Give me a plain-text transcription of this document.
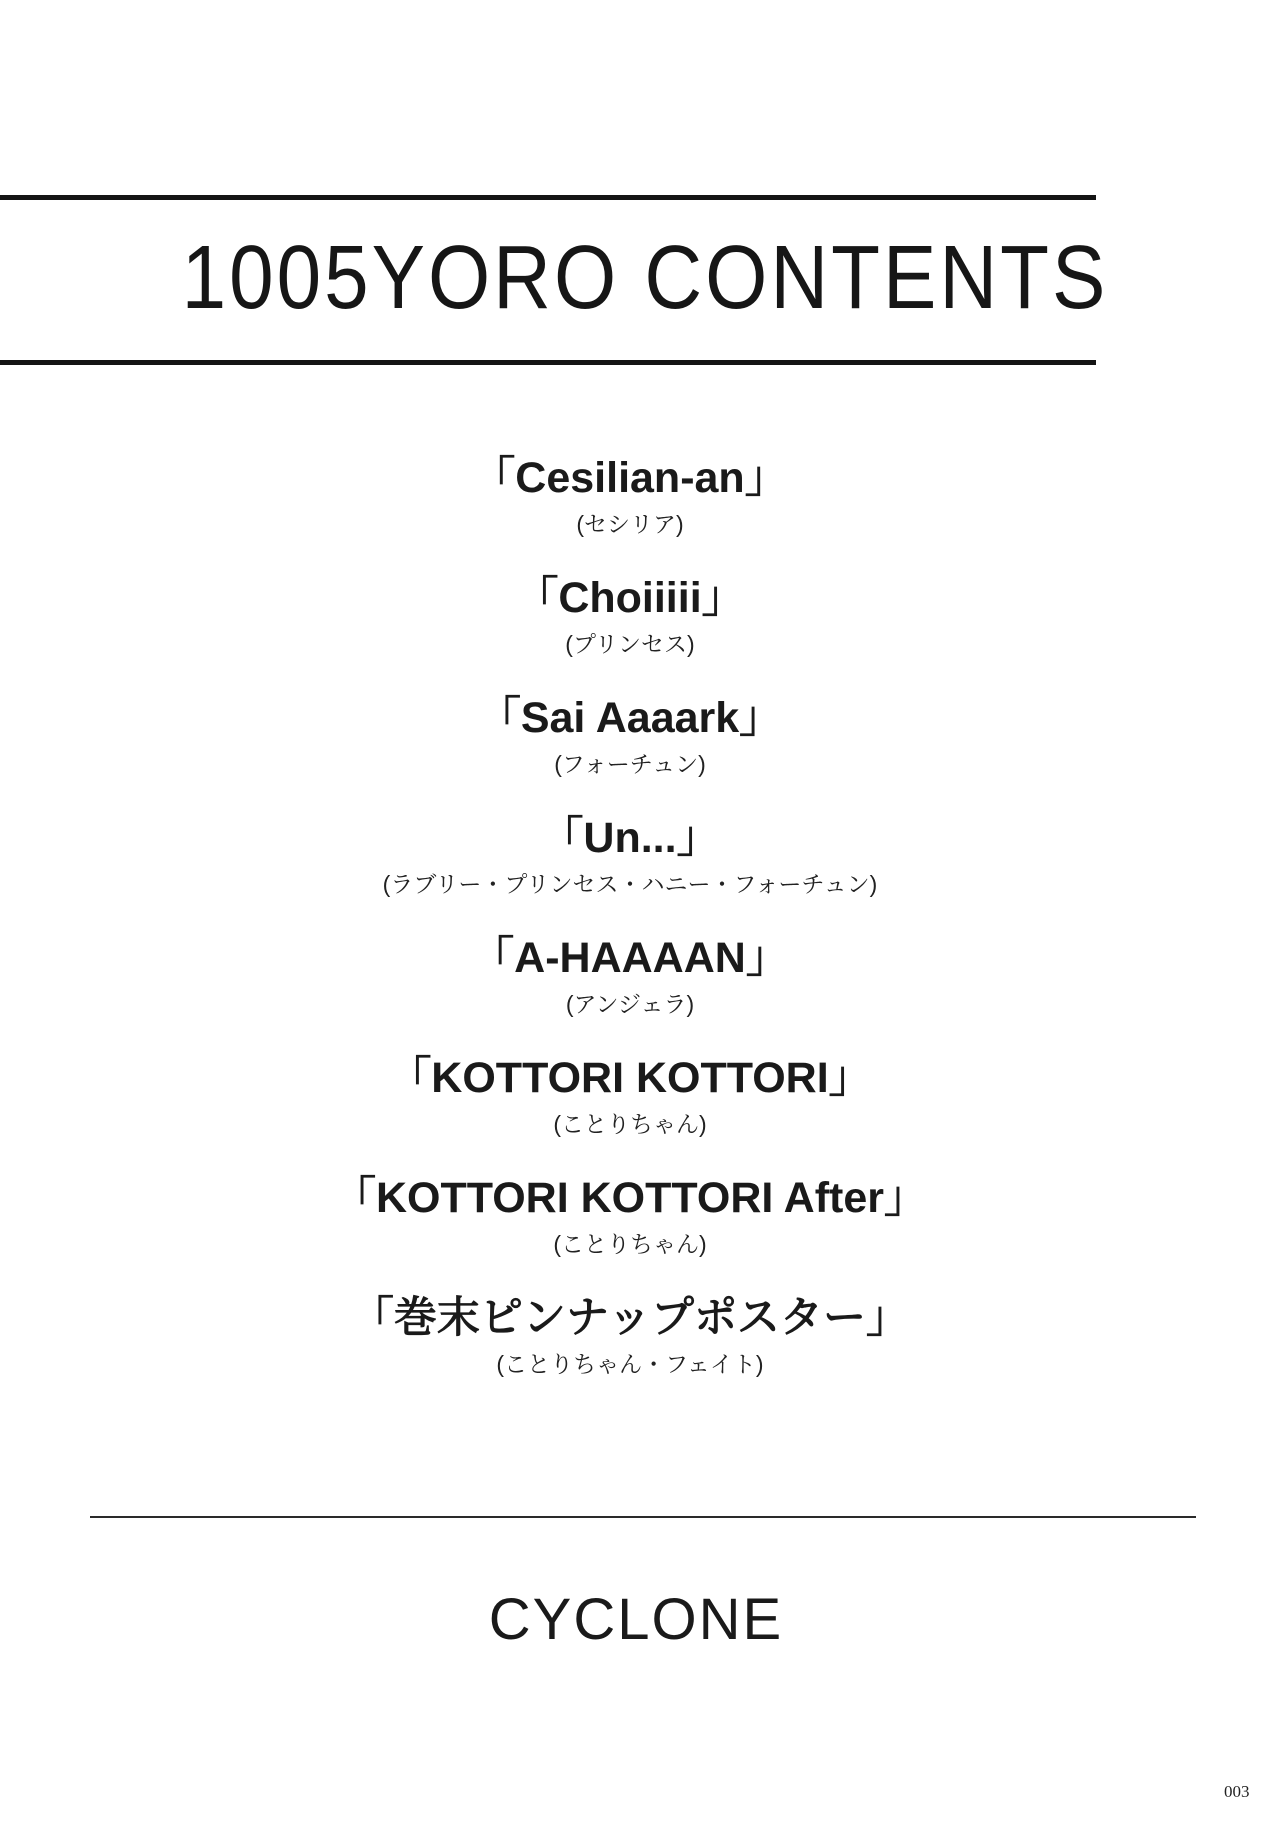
1005YORO CONTENTS
「Cesilian-an」
(セシリア)
「Choiiiii」
(プリンセス)
「Sai Aaaark」
(フォーチュン)
「Un...」
(ラブリー・プリンセス・ハニー・フォーチュン)
「A-HAAAAN」
(アンジェラ)
「KOTTORI KOTTORI」
(ことりちゃん)
「KOTTORI KOTTORI After」
(ことりちゃん)
「巻末ピンナップポスター」
(ことりちゃん・フェイト)
CYCLONE
003
